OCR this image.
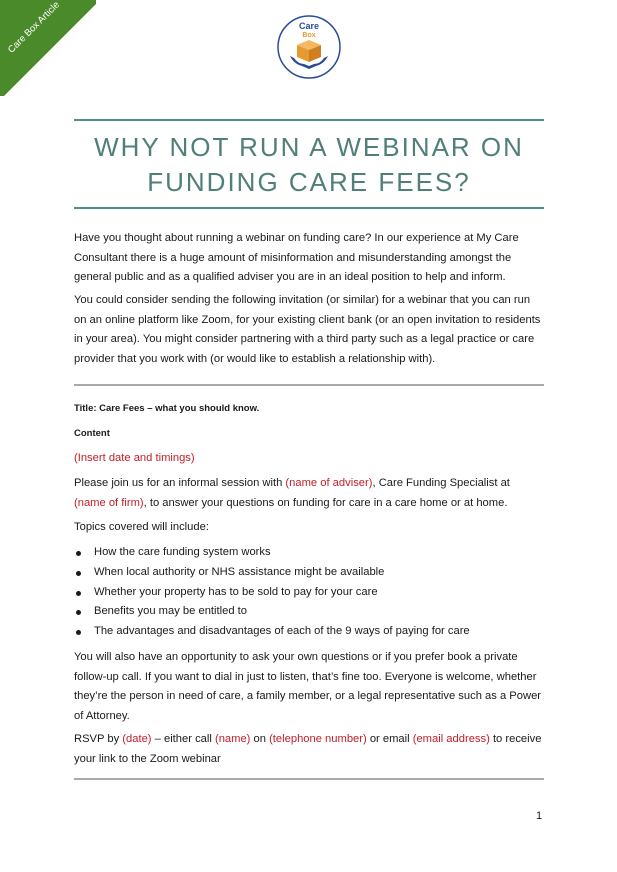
Care Box Article	Care
Box
WHY NOT RUN A WEBINAR ON FUNDING CARE FEES?

Have you thought about running a webinar on funding care? In our experience at My Care Consultant there is a huge amount of misinformation and misunderstanding amongst the general public and as a qualified adviser you are in an ideal position to help and inform.

You could consider sending the following invitation (or similar) for a webinar that you can run on an online platform like Zoom, for your existing client bank (or an open invitation to residents in your area). You might consider partnering with a third party such as a legal practice or care provider that you work with (or would like to establish a relationship with).

Title: Care Fees – what you should know.

Content

(Insert date and timings)

Please join us for an informal session with (name of adviser), Care Funding Specialist at (name of firm), to answer your questions on funding for care in a care home or at home.

Topics covered will include:

How the care funding system works
When local authority or NHS assistance might be available
Whether your property has to be sold to pay for your care
Benefits you may be entitled to
The advantages and disadvantages of each of the 9 ways of paying for care

You will also have an opportunity to ask your own questions or if you prefer book a private follow-up call. If you want to dial in just to listen, that’s fine too. Everyone is welcome, whether they’re the person in need of care, a family member, or a legal representative such as a Power of Attorney.

RSVP by (date) – either call (name) on (telephone number) or email (email address) to receive your link to the Zoom webinar

1
